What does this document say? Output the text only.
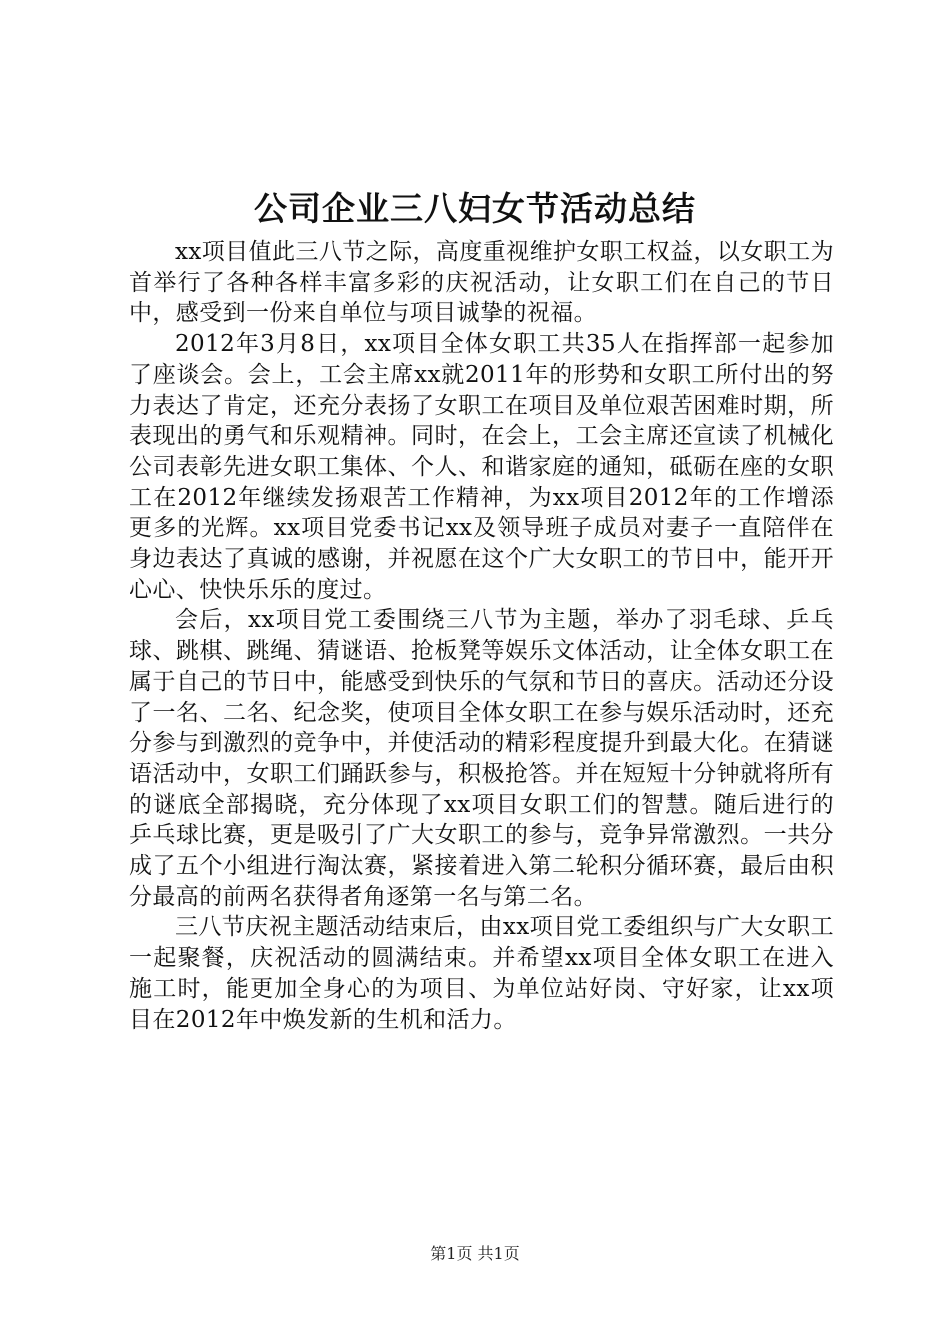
公司企业三八妇女节活动总结

xx项目值此三八节之际，高度重视维护女职工权益，以女职工为首举行了各种各样丰富多彩的庆祝活动，让女职工们在自己的节日中，感受到一份来自单位与项目诚挚的祝福。

2012年3月8日，xx项目全体女职工共35人在指挥部一起参加了座谈会。会上，工会主席xx就2011年的形势和女职工所付出的努力表达了肯定，还充分表扬了女职工在项目及单位艰苦困难时期，所表现出的勇气和乐观精神。同时，在会上，工会主席还宣读了机械化公司表彰先进女职工集体、个人、和谐家庭的通知，砥砺在座的女职工在2012年继续发扬艰苦工作精神，为xx项目2012年的工作增添更多的光辉。xx项目党委书记xx及领导班子成员对妻子一直陪伴在身边表达了真诚的感谢，并祝愿在这个广大女职工的节日中，能开开心心、快快乐乐的度过。

会后，xx项目党工委围绕三八节为主题，举办了羽毛球、乒乓球、跳棋、跳绳、猜谜语、抢板凳等娱乐文体活动，让全体女职工在属于自己的节日中，能感受到快乐的气氛和节日的喜庆。活动还分设了一名、二名、纪念奖，使项目全体女职工在参与娱乐活动时，还充分参与到激烈的竞争中，并使活动的精彩程度提升到最大化。在猜谜语活动中，女职工们踊跃参与，积极抢答。并在短短十分钟就将所有的谜底全部揭晓，充分体现了xx项目女职工们的智慧。随后进行的乒乓球比赛，更是吸引了广大女职工的参与，竞争异常激烈。一共分成了五个小组进行淘汰赛，紧接着进入第二轮积分循环赛，最后由积分最高的前两名获得者角逐第一名与第二名。

三八节庆祝主题活动结束后，由xx项目党工委组织与广大女职工一起聚餐，庆祝活动的圆满结束。并希望xx项目全体女职工在进入施工时，能更加全身心的为项目、为单位站好岗、守好家，让xx项目在2012年中焕发新的生机和活力。

第1页 共1页
